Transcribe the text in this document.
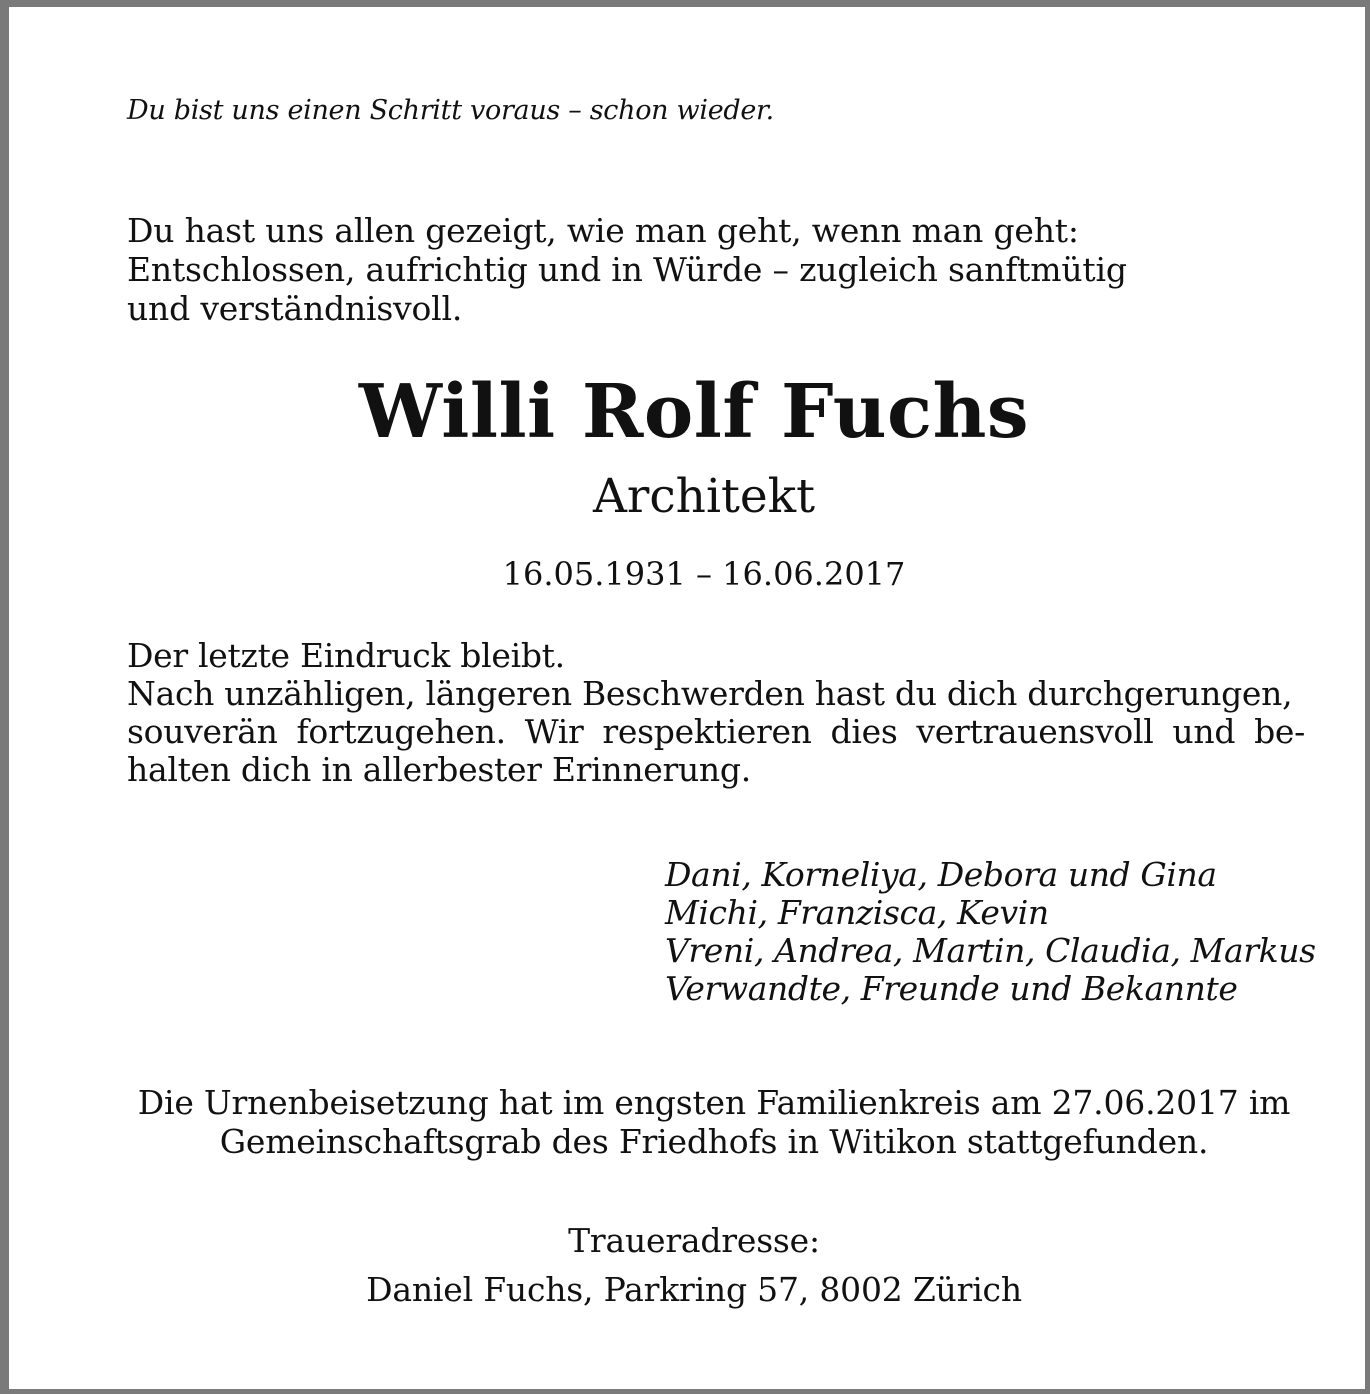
Du bist uns einen Schritt voraus – schon wieder.

Du hast uns allen gezeigt, wie man geht, wenn man geht:
Entschlossen, aufrichtig und in Würde – zugleich sanftmütig
und verständnisvoll.
Willi Rolf Fuchs

Architekt

16.05.1931 – 16.06.2017

Der letzte Eindruck bleibt.
Nach unzähligen, längeren Beschwerden hast du dich durchgerungen,
souverän fortzugehen. Wir respektieren dies vertrauensvoll und be-
halten dich in allerbester Erinnerung.
Dani, Korneliya, Debora und Gina
Michi, Franzisca, Kevin
Vreni, Andrea, Martin, Claudia, Markus
Verwandte, Freunde und Bekannte
Die Urnenbeisetzung hat im engsten Familienkreis am 27.06.2017 im
Gemeinschaftsgrab des Friedhofs in Witikon stattgefunden.
Traueradresse:
Daniel Fuchs, Parkring 57, 8002 Zürich
